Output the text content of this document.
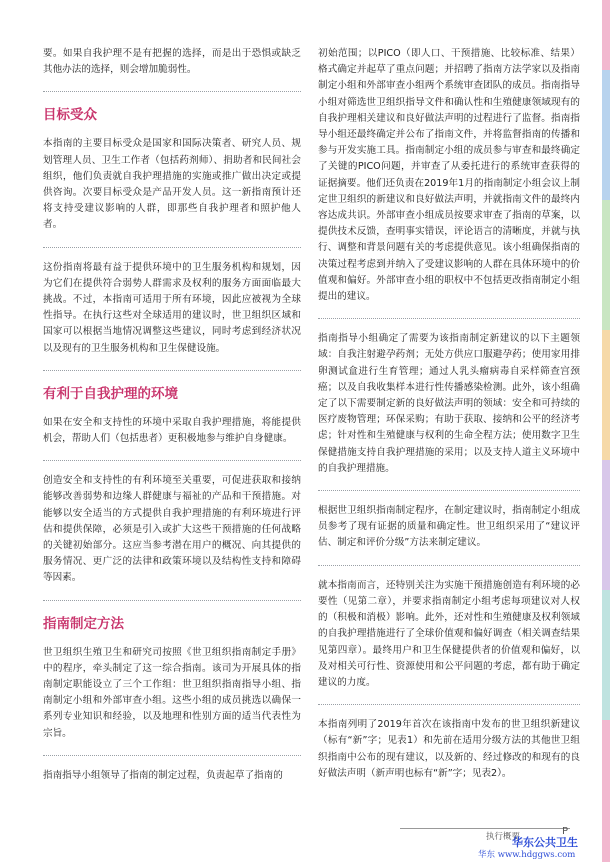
要。如果自我护理不是有把握的选择，而是出于恐惧或缺乏其他办法的选择，则会增加脆弱性。

目标受众

本指南的主要目标受众是国家和国际决策者、研究人员、规划管理人员、卫生工作者（包括药剂师）、捐助者和民间社会组织，他们负责就自我护理措施的实施或推广做出决定或提供咨询。次要目标受众是产品开发人员。这一新指南预计还将支持受建议影响的人群，即那些自我护理者和照护他人者。

这份指南将最有益于提供环境中的卫生服务机构和规划，因为它们在提供符合弱势人群需求及权利的服务方面面临最大挑战。不过，本指南可适用于所有环境，因此应被视为全球性指导。在执行这些对全球适用的建议时，世卫组织区域和国家可以根据当地情况调整这些建议，同时考虑到经济状况以及现有的卫生服务机构和卫生保健设施。

有利于自我护理的环境

如果在安全和支持性的环境中采取自我护理措施，将能提供机会，帮助人们（包括患者）更积极地参与维护自身健康。

创造安全和支持性的有利环境至关重要，可促进获取和接纳能够改善弱势和边缘人群健康与福祉的产品和干预措施。对能够以安全适当的方式提供自我护理措施的有利环境进行评估和提供保障，必须是引入或扩大这些干预措施的任何战略的关键初始部分。这应当参考潜在用户的概况、向其提供的服务情况、更广泛的法律和政策环境以及结构性支持和障碍等因素。

指南制定方法

世卫组织生殖卫生和研究司按照《世卫组织指南制定手册》中的程序，牵头制定了这一综合指南。该司为开展具体的指南制定职能设立了三个工作组：世卫组织指南指导小组、指南制定小组和外部审查小组。这些小组的成员挑选以确保一系列专业知识和经验，以及地理和性别方面的适当代表性为宗旨。

指南指导小组领导了指南的制定过程，负责起草了指南的

初始范围；以PICO（即人口、干预措施、比较标准、结果）格式确定并起草了重点问题；并招聘了指南方法学家以及指南制定小组和外部审查小组两个系统审查团队的成员。指南指导小组对筛选世卫组织指导文件和确认性和生殖健康领域现有的自我护理相关建议和良好做法声明的过程进行了监督。指南指导小组还最终确定并公布了指南文件，并将监督指南的传播和参与开发实施工具。指南制定小组的成员参与审查和最终确定了关键的PICO问题，并审查了从委托进行的系统审查获得的证据摘要。他们还负责在2019年1月的指南制定小组会议上制定世卫组织的新建议和良好做法声明，并就指南文件的最终内容达成共识。外部审查小组成员按要求审查了指南的草案，以提供技术反馈，查明事实错误，评论语言的清晰度，并就与执行、调整和背景问题有关的考虑提供意见。该小组确保指南的决策过程考虑到并纳入了受建议影响的人群在具体环境中的价值观和偏好。外部审查小组的职权中不包括更改指南制定小组提出的建议。

指南指导小组确定了需要为该指南制定新建议的以下主题领域：自我注射避孕药剂；无处方供应口服避孕药；使用家用排卵测试盒进行生育管理；通过人乳头瘤病毒自采样筛查宫颈癌；以及自我收集样本进行性传播感染检测。此外，该小组确定了以下需要制定新的良好做法声明的领域：安全和可持续的医疗废物管理；环保采购；有助于获取、接纳和公平的经济考虑；针对性和生殖健康与权利的生命全程方法；使用数字卫生保健措施支持自我护理措施的采用；以及支持人道主义环境中的自我护理措施。

根据世卫组织指南制定程序，在制定建议时，指南制定小组成员参考了现有证据的质量和确定性。世卫组织采用了“建议评估、制定和评价分级”方法来制定建议。

就本指南而言，还特别关注为实施干预措施创造有利环境的必要性（见第二章），并要求指南制定小组考虑每项建议对人权的（积极和消极）影响。此外，还对性和生殖健康及权利领域的自我护理措施进行了全球价值观和偏好调查（相关调查结果见第四章）。最终用户和卫生保健提供者的价值观和偏好，以及对相关可行性、资源使用和公平问题的考虑，都有助于确定建议的力度。

本指南列明了2019年首次在该指南中发布的世卫组织新建议（标有“新”字；见表1）和先前在适用分级方法的其他世卫组织指南中公布的现有建议，以及新的、经过修改的和现有的良好做法声明（新声明也标有“新”字；见表2）。

执行概要	P
华东公共卫生
华东 www.hdggws.com
